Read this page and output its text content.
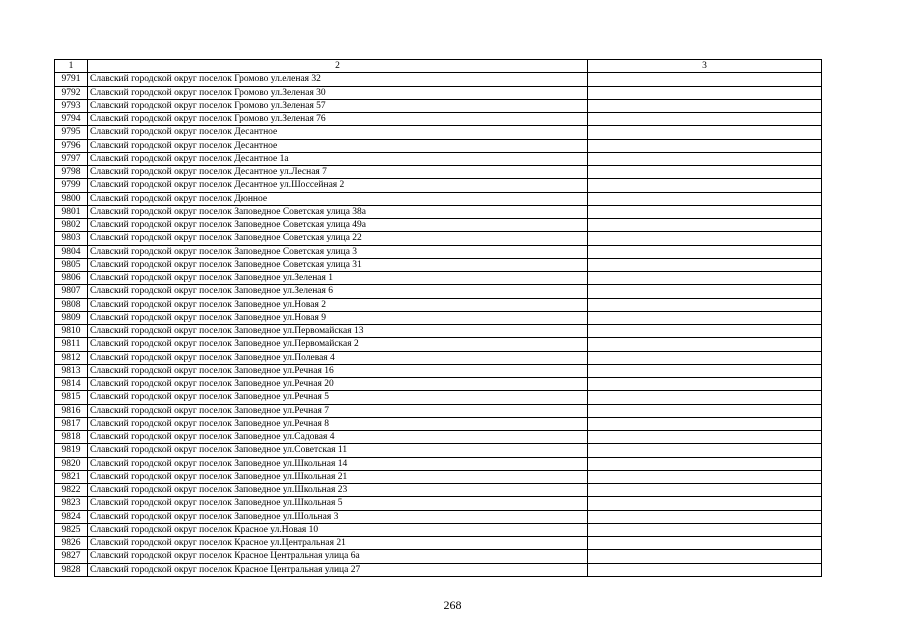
1	2	3
9791	Славский городской округ поселок Громово ул.еленая 32	
9792	Славский городской округ поселок Громово ул.Зеленая 30	
9793	Славский городской округ поселок Громово ул.Зеленая 57	
9794	Славский городской округ поселок Громово ул.Зеленая 76	
9795	Славский городской округ поселок Десантное	
9796	Славский городской округ поселок Десантное	
9797	Славский городской округ поселок Десантное 1а	
9798	Славский городской округ поселок Десантное ул.Лесная 7	
9799	Славский городской округ поселок Десантное ул.Шоссейная 2	
9800	Славский городской округ поселок Дюнное	
9801	Славский городской округ поселок Заповедное Советская улица 38а	
9802	Славский городской округ поселок Заповедное Советская улица 49а	
9803	Славский городской округ поселок Заповедное Советская улица 22	
9804	Славский городской округ поселок Заповедное Советская улица 3	
9805	Славский городской округ поселок Заповедное Советская улица 31	
9806	Славский городской округ поселок Заповедное ул.Зеленая 1	
9807	Славский городской округ поселок Заповедное ул.Зеленая 6	
9808	Славский городской округ поселок Заповедное ул.Новая 2	
9809	Славский городской округ поселок Заповедное ул.Новая 9	
9810	Славский городской округ поселок Заповедное ул.Первомайская 13	
9811	Славский городской округ поселок Заповедное ул.Первомайская 2	
9812	Славский городской округ поселок Заповедное ул.Полевая 4	
9813	Славский городской округ поселок Заповедное ул.Речная 16	
9814	Славский городской округ поселок Заповедное ул.Речная 20	
9815	Славский городской округ поселок Заповедное ул.Речная 5	
9816	Славский городской округ поселок Заповедное ул.Речная 7	
9817	Славский городской округ поселок Заповедное ул.Речная 8	
9818	Славский городской округ поселок Заповедное ул.Садовая 4	
9819	Славский городской округ поселок Заповедное ул.Советская 11	
9820	Славский городской округ поселок Заповедное ул.Школьная 14	
9821	Славский городской округ поселок Заповедное ул.Школьная 21	
9822	Славский городской округ поселок Заповедное ул.Школьная 23	
9823	Славский городской округ поселок Заповедное ул.Школьная 5	
9824	Славский городской округ поселок Заповедное ул.Шольная 3	
9825	Славский городской округ поселок Красное ул.Новая 10	
9826	Славский городской округ поселок Красное ул.Центральная 21	
9827	Славский городской округ поселок Красное Центральная улица 6а	
9828	Славский городской округ поселок Красное Центральная улица 27	
268
